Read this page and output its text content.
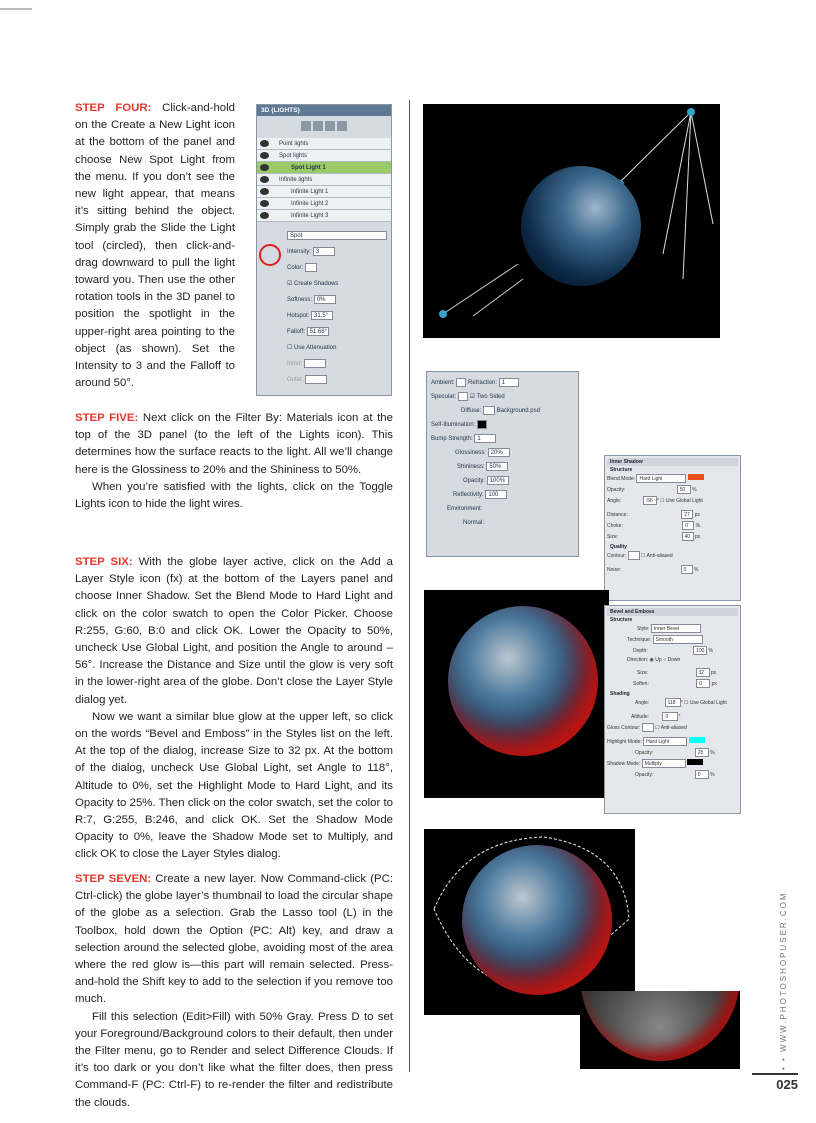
STEP FOUR: Click-and-hold on the Create a New Light icon at the bottom of the panel and choose New Spot Light from the menu. If you don’t see the new light appear, that means it’s sitting behind the object. Simply grab the Slide the Light tool (circled), then click-and-drag downward to pull the light toward you. Then use the other rotation tools in the 3D panel to position the spotlight in the upper-right area pointing to the object (as shown). Set the Intensity to 3 and the Falloff to around 50°.

STEP FIVE: Next click on the Filter By: Materials icon at the top of the 3D panel (to the left of the Lights icon). This determines how the surface reacts to the light. All we’ll change here is the Glossiness to 20% and the Shininess to 50%.

When you’re satisfied with the lights, click on the Toggle Lights icon to hide the light wires.

STEP SIX: With the globe layer active, click on the Add a Layer Style icon (fx) at the bottom of the Layers panel and choose Inner Shadow. Set the Blend Mode to Hard Light and click on the color swatch to open the Color Picker. Choose R:255, G:60, B:0 and click OK. Lower the Opacity to 50%, uncheck Use Global Light, and position the Angle to around –56°. Increase the Distance and Size until the glow is very soft in the lower-right area of the globe. Don’t close the Layer Style dialog yet.

Now we want a similar blue glow at the upper left, so click on the words “Bevel and Emboss” in the Styles list on the left. At the top of the dialog, increase Size to 32 px. At the bottom of the dialog, uncheck Use Global Light, set Angle to 118°, Altitude to 0%, set the Highlight Mode to Hard Light, and its Opacity to 25%. Then click on the color swatch, set the color to R:7, G:255, B:246, and click OK. Set the Shadow Mode Opacity to 0%, leave the Shadow Mode set to Multiply, and click OK to close the Layer Styles dialog.

STEP SEVEN: Create a new layer. Now Command-click (PC: Ctrl-click) the globe layer’s thumbnail to load the circular shape of the globe as a selection. Grab the Lasso tool (L) in the Toolbox, hold down the Option (PC: Alt) key, and draw a selection around the selected globe, avoiding most of the area where the red glow is—this part will remain selected. Press-and-hold the Shift key to add to the selection if you remove too much.

Fill this selection (Edit>Fill) with 50% Gray. Press D to set your Foreground/Background colors to their default, then under the Filter menu, go to Render and select Difference Clouds. If it’s too dark or you don’t like what the filter does, then press Command-F (PC: Ctrl-F) to re-render the filter and redistribute the clouds.

3D {LIGHTS}
Point lights
Spot lights
Spot Light 1
Infinite lights
Infinite Light 1
Infinite Light 2
Infinite Light 3
Spot
Intensity: 3
Color:
☑ Create Shadows
Softness: 0%
Hotspot: 31.5°
Falloff: 51.68°
☐ Use Attenuation
Inner:
Outer:	Ambient: Refraction: 1
Specular:  ☑ Two Sided
Diffuse:	Background.psd
Self-Illumination:
Bump Strength: 1
Glossiness: 20%
Shininess: 50%
Opacity: 100%
Reflectivity: 100
Environment:
Normal:
Inner Shadow
Structure
Blend Mode: Hard Light
Opacity:	50 %
Angle:	-56 ° ☐ Use Global Light
Distance:	27 px
Choke:	0 %
Size:	40 px
Quality
Contour:	☐ Anti-aliased
Noise:	0 %
Bevel and Emboss
Structure
Style: Inner Bevel
Technique: Smooth
Depth:	100 %
Direction: ◉ Up ○ Down
Size:	32 px
Soften:	0 px
Shading
Angle:	118 ° ☐ Use Global Light
Altitude:	0 °
Gloss Contour:	☐ Anti-aliased
Highlight Mode: Hard Light
Opacity:	25 %
Shadow Mode: Multiply
Opacity:	0 %
• • WWW.PHOTOSHOPUSER.COM
025
